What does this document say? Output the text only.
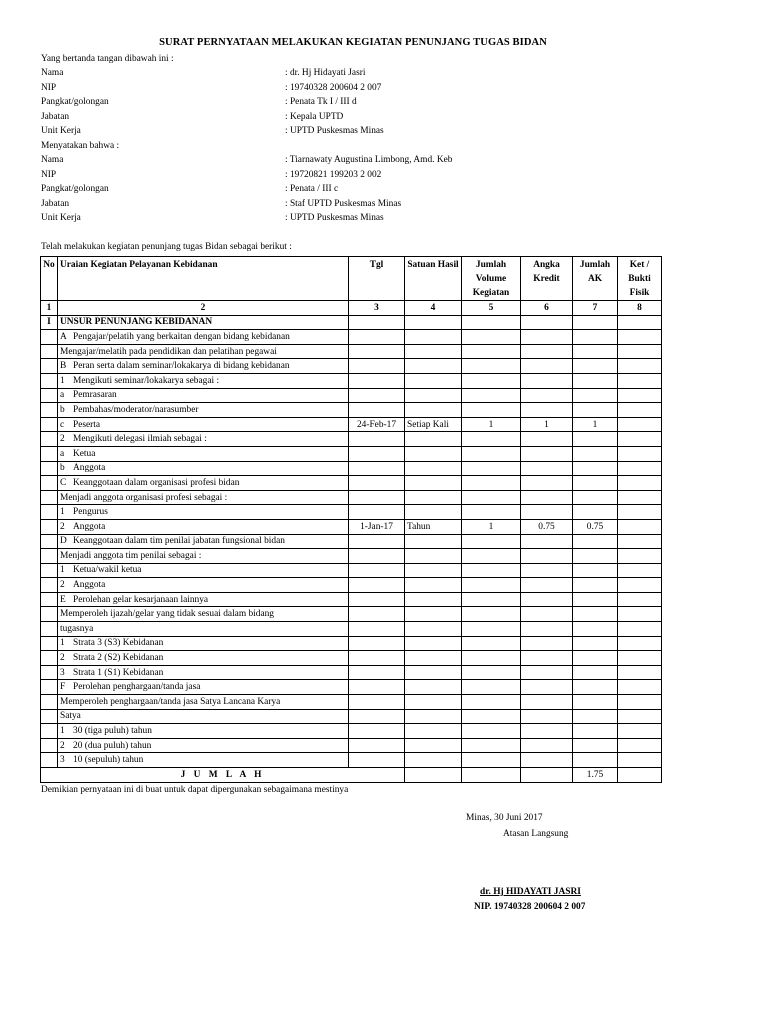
SURAT PERNYATAAN MELAKUKAN KEGIATAN PENUNJANG TUGAS BIDAN
Yang bertanda tangan dibawah ini :
Nama	: dr. Hj Hidayati Jasri
NIP	: 19740328 200604 2 007
Pangkat/golongan	: Penata Tk I / III d
Jabatan	: Kepala UPTD
Unit Kerja	: UPTD Puskesmas Minas
Menyatakan bahwa :
Nama	: Tiarnawaty Augustina Limbong, Amd. Keb
NIP	: 19720821 199203 2 002
Pangkat/golongan	: Penata / III c
Jabatan	: Staf UPTD Puskesmas Minas
Unit Kerja	: UPTD Puskesmas Minas
Telah melakukan kegiatan penunjang tugas Bidan sebagai berikut :
No	Uraian Kegiatan Pelayanan Kebidanan	Tgl	Satuan Hasil	Jumlah Volume Kegiatan	Angka Kredit	Jumlah AK	Ket / Bukti Fisik
1	2	3	4	5	6	7	8
I	UNSUR PENUNJANG KEBIDANAN						
	A Pengajar/pelatih yang berkaitan dengan bidang kebidanan						
	Mengajar/melatih pada pendidikan dan pelatihan pegawai						
	B Peran serta dalam seminar/lokakarya di bidang kebidanan						
	1 Mengikuti seminar/lokakarya sebagai :						
	a Pemrasaran						
	b Pembahas/moderator/narasumber						
	c Peserta	24-Feb-17	Setiap Kali	1	1	1	
	2 Mengikuti delegasi ilmiah sebagai :						
	a Ketua						
	b Anggota						
	C Keanggotaan dalam organisasi profesi bidan						
	Menjadi anggota organisasi profesi sebagai :						
	1 Pengurus						
	2 Anggota	1-Jan-17	Tahun	1	0.75	0.75	
	D Keanggotaan dalam tim penilai jabatan fungsional bidan						
	Menjadi anggota tim penilai sebagai :						
	1 Ketua/wakil ketua						
	2 Anggota						
	E Perolehan gelar kesarjanaan lainnya						
	Memperoleh ijazah/gelar yang tidak sesuai dalam bidang						
	tugasnya						
	1 Strata 3 (S3) Kebidanan						
	2 Strata 2 (S2) Kebidanan						
	3 Strata 1 (S1) Kebidanan						
	F Perolehan penghargaan/tanda jasa						
	Memperoleh penghargaan/tanda jasa Satya Lancana Karya						
	Satya						
	1 30 (tiga puluh) tahun						
	2 20 (dua puluh) tahun						
	3 10 (sepuluh) tahun						
J U M L A H						1.75	
Demikian pernyataan ini di buat untuk dapat dipergunakan sebagaimana mestinya
Minas, 30 Juni 2017
Atasan Langsung
dr. Hj HIDAYATI JASRI
NIP. 19740328 200604 2 007
